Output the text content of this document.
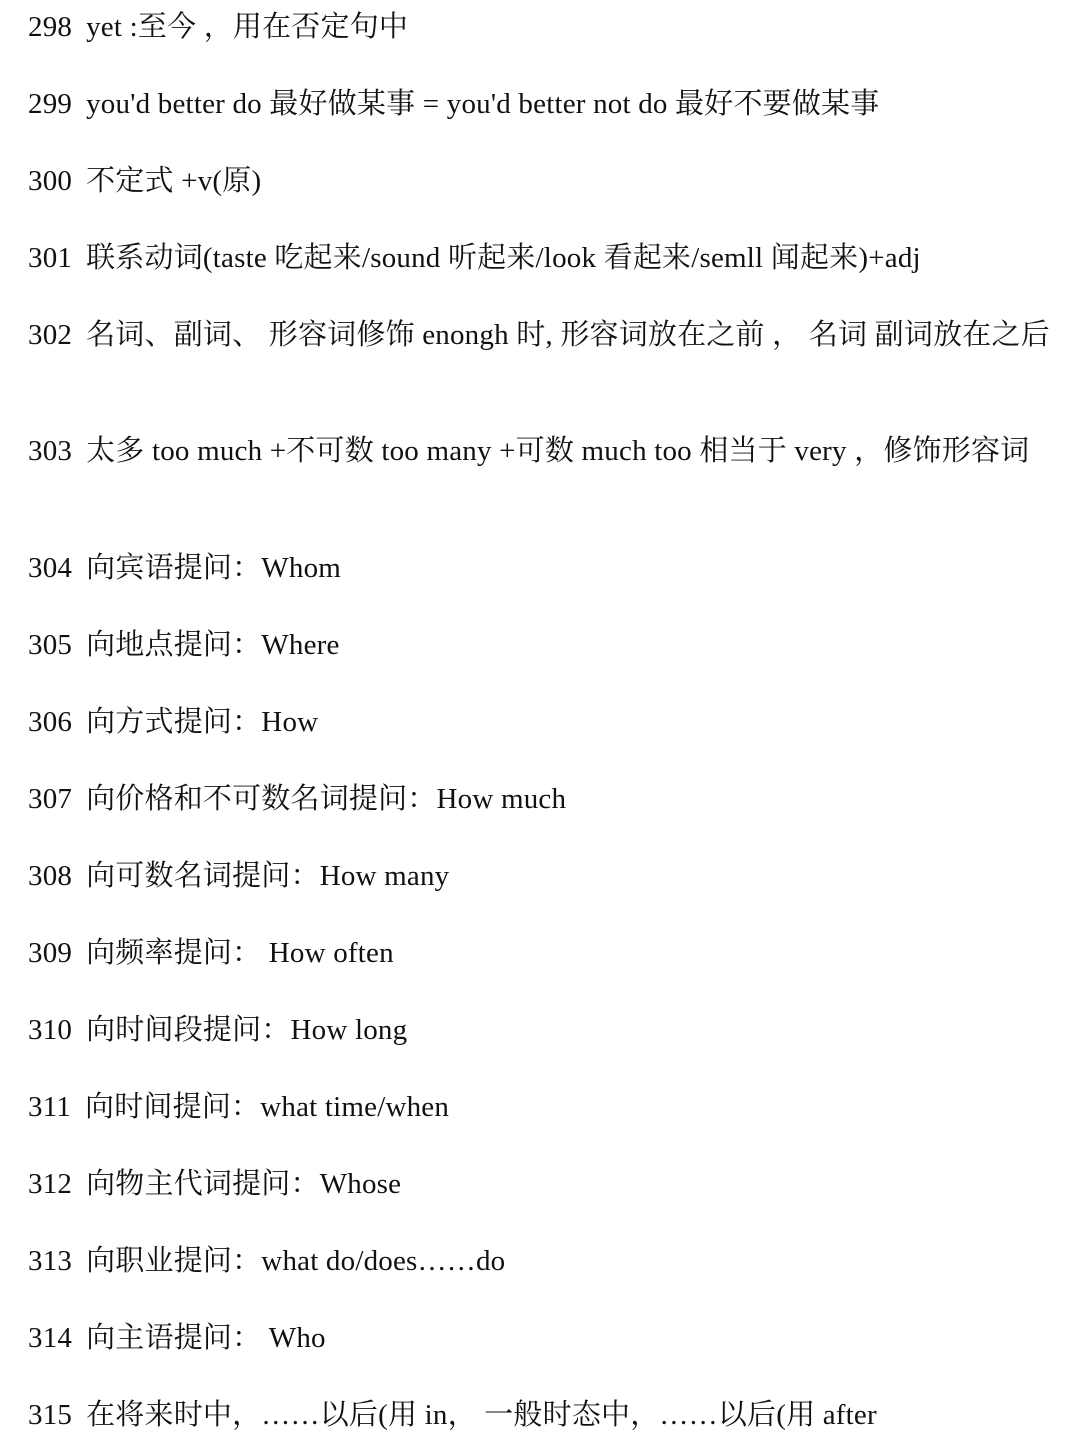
298 yet :至今 ，用在否定句中
299 you'd better do 最好做某事 = you'd better not do 最好不要做某事
300 不定式 +v(原)
301 联系动词(taste 吃起来/sound 听起来/look 看起来/semll 闻起来)+adj
302 名词、副词、 形容词修饰 enongh 时, 形容词放在之前 ， 名词 副词放在之后
303 太多 too much +不可数 too many +可数 much too 相当于 very ，修饰形容词
304 向宾语提问：Whom
305 向地点提问：Where
306 向方式提问：How
307 向价格和不可数名词提问：How much
308 向可数名词提问：How many
309 向频率提问： How often
310 向时间段提问：How long
311 向时间提问：what time/when
312 向物主代词提问：Whose
313 向职业提问：what do/does……do
314 向主语提问： Who
315 在将来时中，……以后(用 in， 一般时态中，……以后(用 after
